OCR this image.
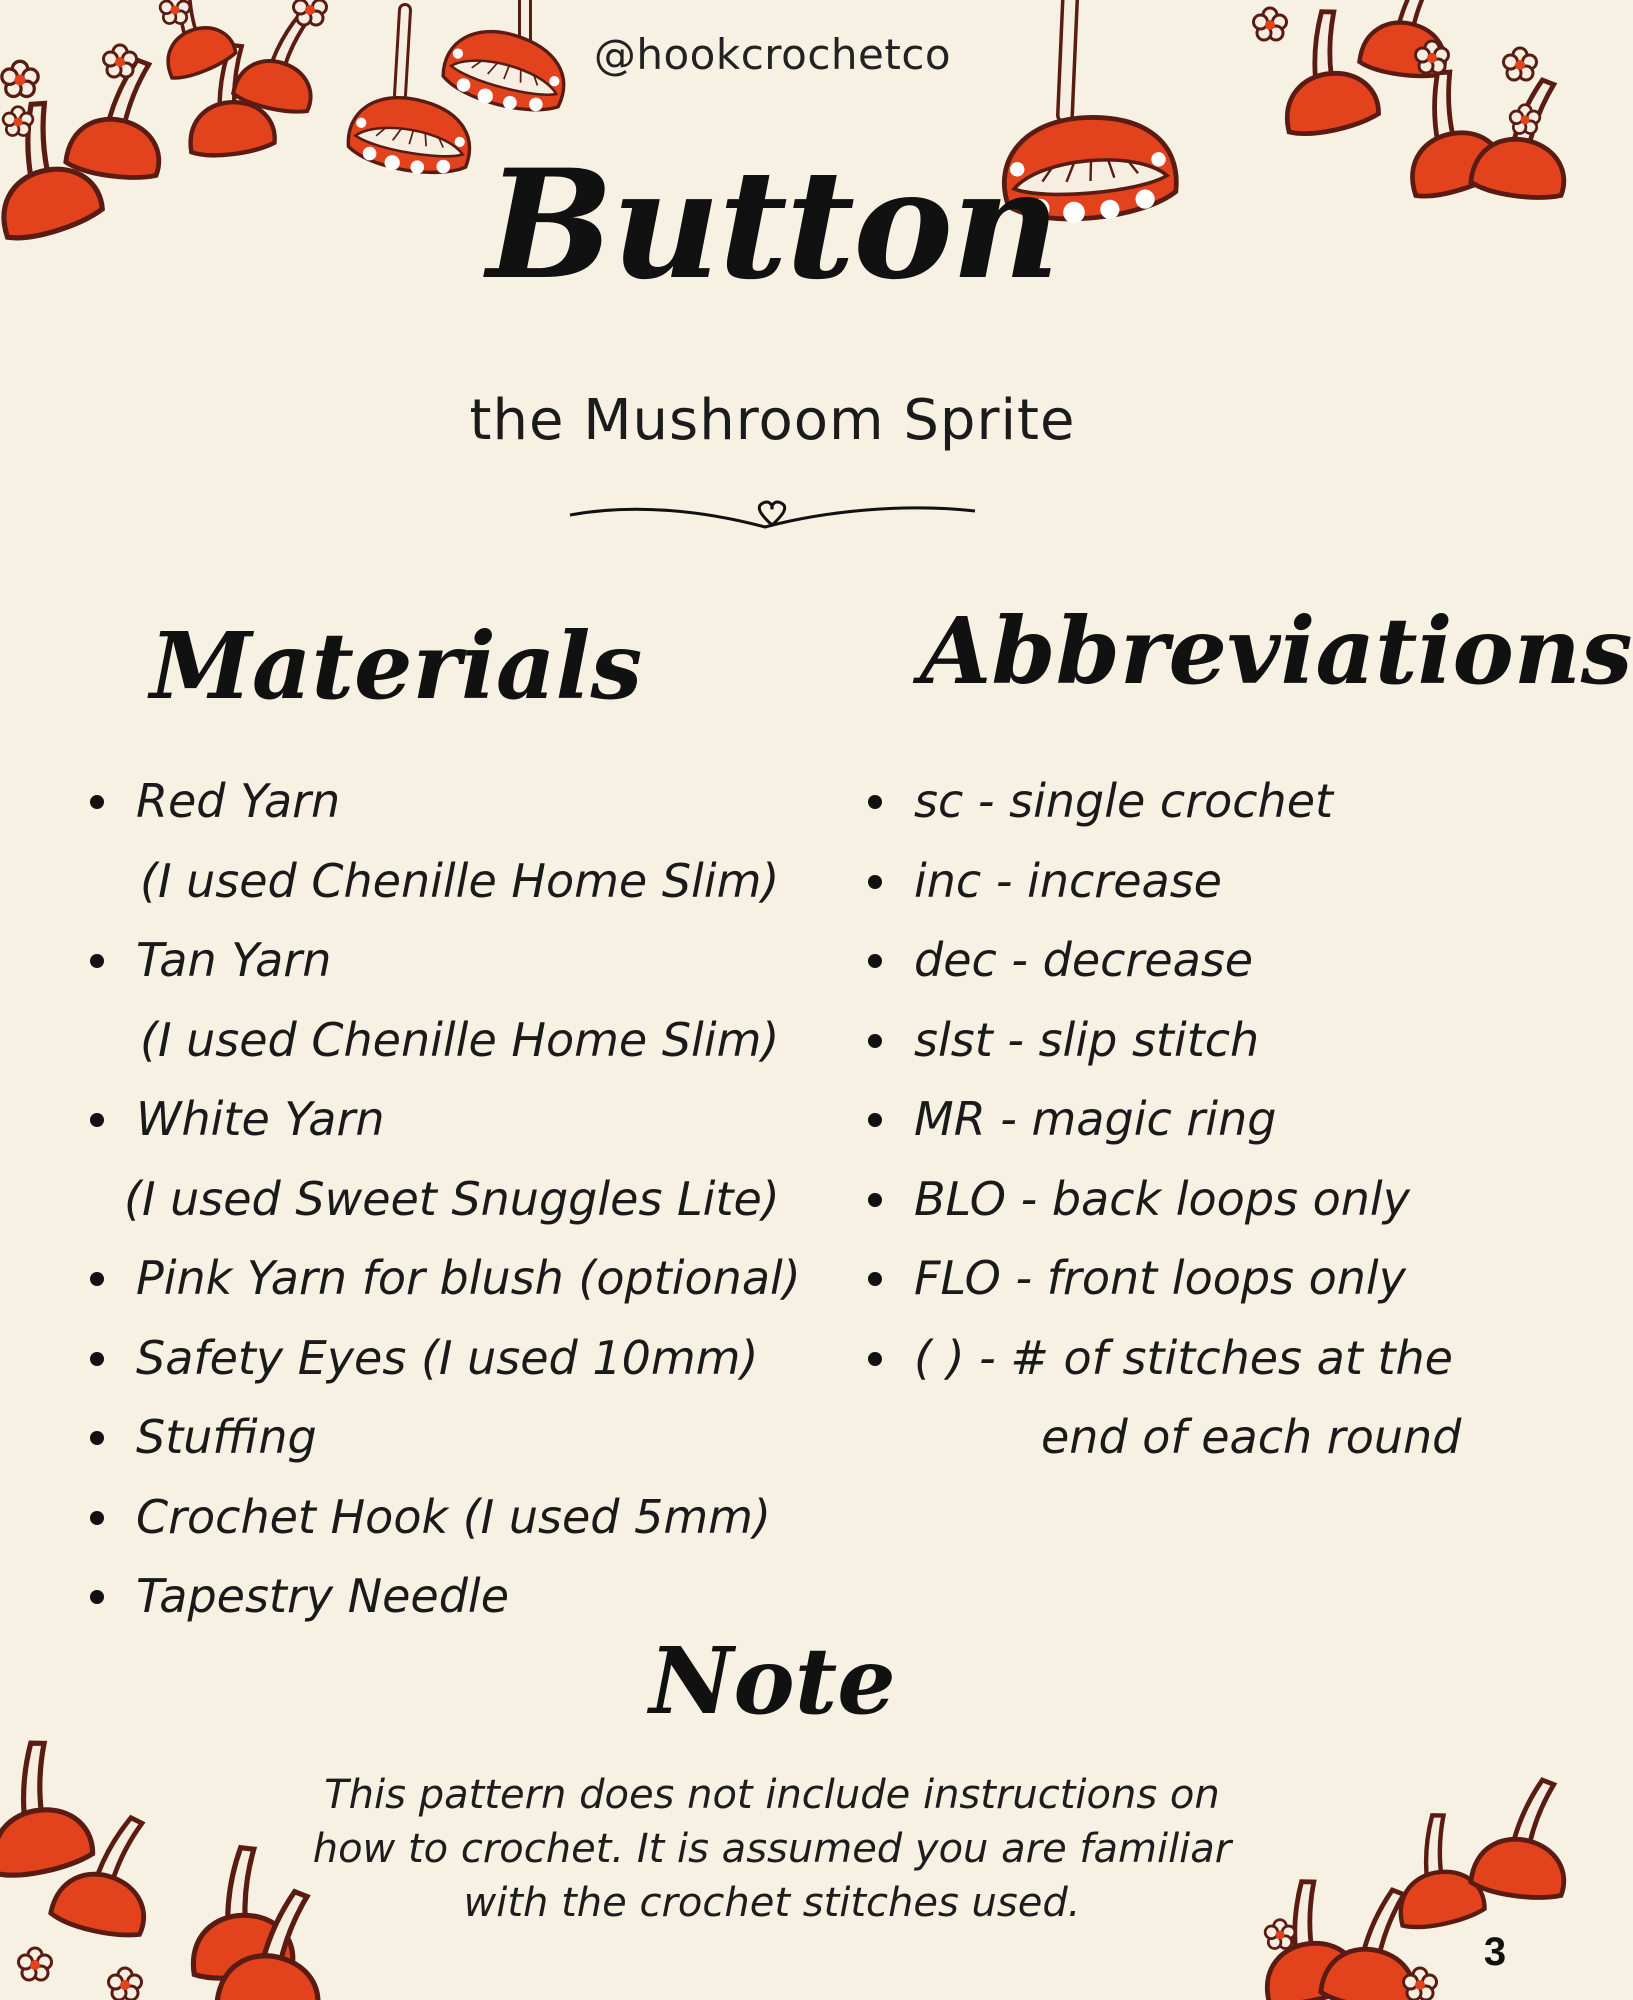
@hookcrochetco
Button
the Mushroom Sprite
Materials	Abbreviations
Red Yarn
(I used Chenille Home Slim)
Tan Yarn
(I used Chenille Home Slim)
White Yarn
(I used Sweet Snuggles Lite)
Pink Yarn for blush (optional)
Safety Eyes (I used 10mm)
Stuffing
Crochet Hook (I used 5mm)
Tapestry Needle
sc - single crochet
inc - increase
dec - decrease
slst - slip stitch
MR - magic ring
BLO - back loops only
FLO - front loops only
( ) - # of stitches at the
end of each round
Note
This pattern does not include instructions on
how to crochet. It is assumed you are familiar
with the crochet stitches used.
3
